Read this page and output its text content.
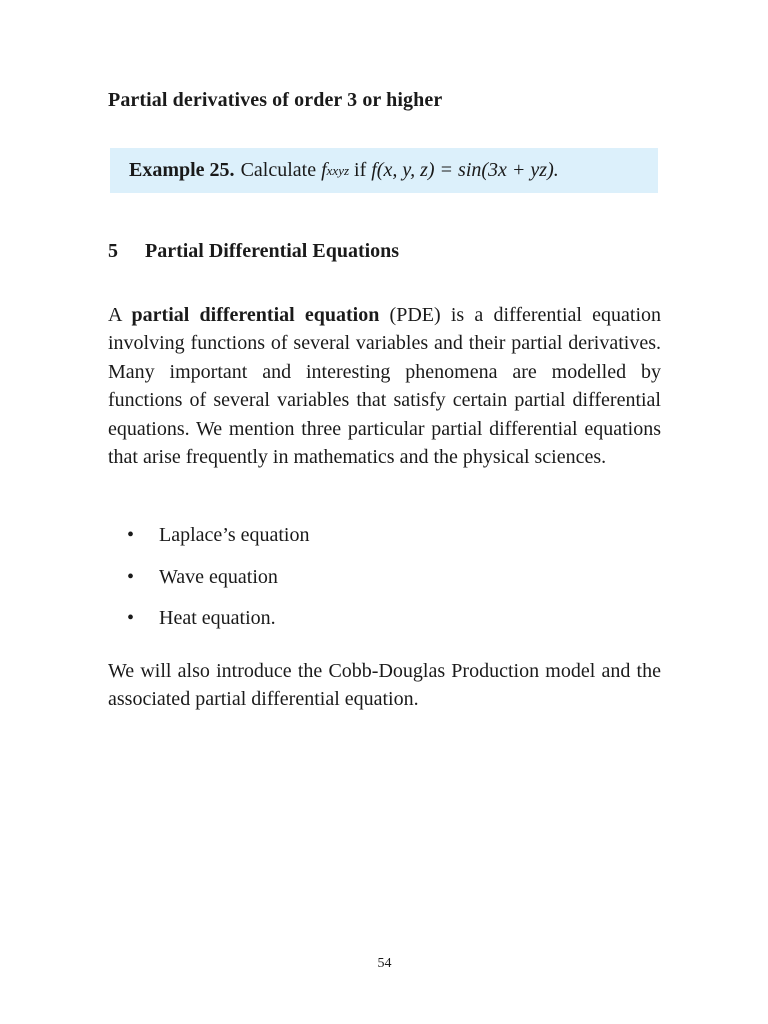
Partial derivatives of order 3 or higher
Example 25. Calculate f xxyz if f(x, y, z) = sin(3x + yz).
5 Partial Differential Equations
A partial differential equation (PDE) is a differential equation involving functions of several variables and their partial derivatives. Many important and interesting phenomena are modelled by functions of several variables that satisfy certain partial differential equations. We mention three particular partial differential equations that arise frequently in mathematics and the physical sciences.
•	Laplace’s equation
•	Wave equation
•	Heat equation.
We will also introduce the Cobb-Douglas Production model and the associated partial differential equation.
54
